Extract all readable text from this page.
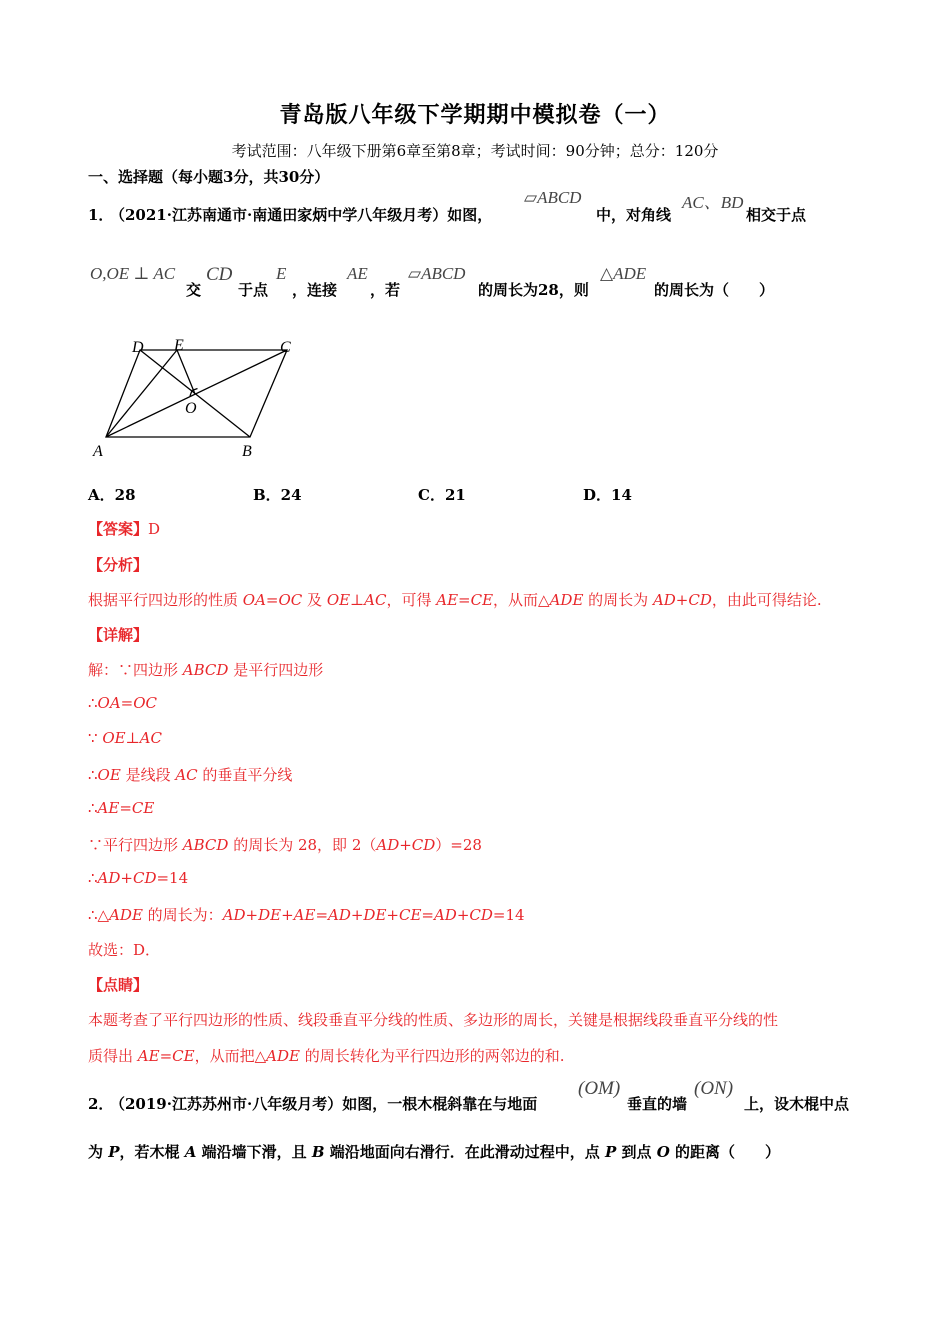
青岛版八年级下学期期中模拟卷（一）
考试范围：八年级下册第6章至第8章；考试时间：90分钟；总分：120分
一、选择题（每小题3分，共30分）
1．
（2021·江苏南通市·南通田家炳中学八年级月考）如图，
▱ABCD
中，对角线
AC、BD
相交于点
O,OE ⊥ AC
交
CD
于点
E
，连接
AE
，若
▱ABCD
的周长为28，则
△ADE
的周长为（　　）
D E	C
O
A	B
A．28	B．24	C．21	D．14
【答案】D
【分析】
根据平行四边形的性质 OA=OC 及 OE⊥AC，可得 AE=CE，从而△ADE 的周长为 AD+CD，由此可得结论.
【详解】
解：∵四边形 ABCD 是平行四边形
∴OA=OC
∵ OE⊥AC
∴OE 是线段 AC 的垂直平分线
∴AE=CE
∵平行四边形 ABCD 的周长为 28，即 2（AD+CD）=28
∴AD+CD=14
∴△ADE 的周长为：AD+DE+AE=AD+DE+CE=AD+CD=14
故选：D．
【点睛】
本题考查了平行四边形的性质、线段垂直平分线的性质、多边形的周长，关键是根据线段垂直平分线的性
质得出 AE=CE，从而把△ADE 的周长转化为平行四边形的两邻边的和.
2．
（2019·江苏苏州市·八年级月考）如图，一根木棍斜靠在与地面
(OM)
垂直的墙
(ON)
上，设木棍中点
为 P，若木棍 A 端沿墙下滑，且 B 端沿地面向右滑行．在此滑动过程中，点 P 到点 O 的距离（　　）
